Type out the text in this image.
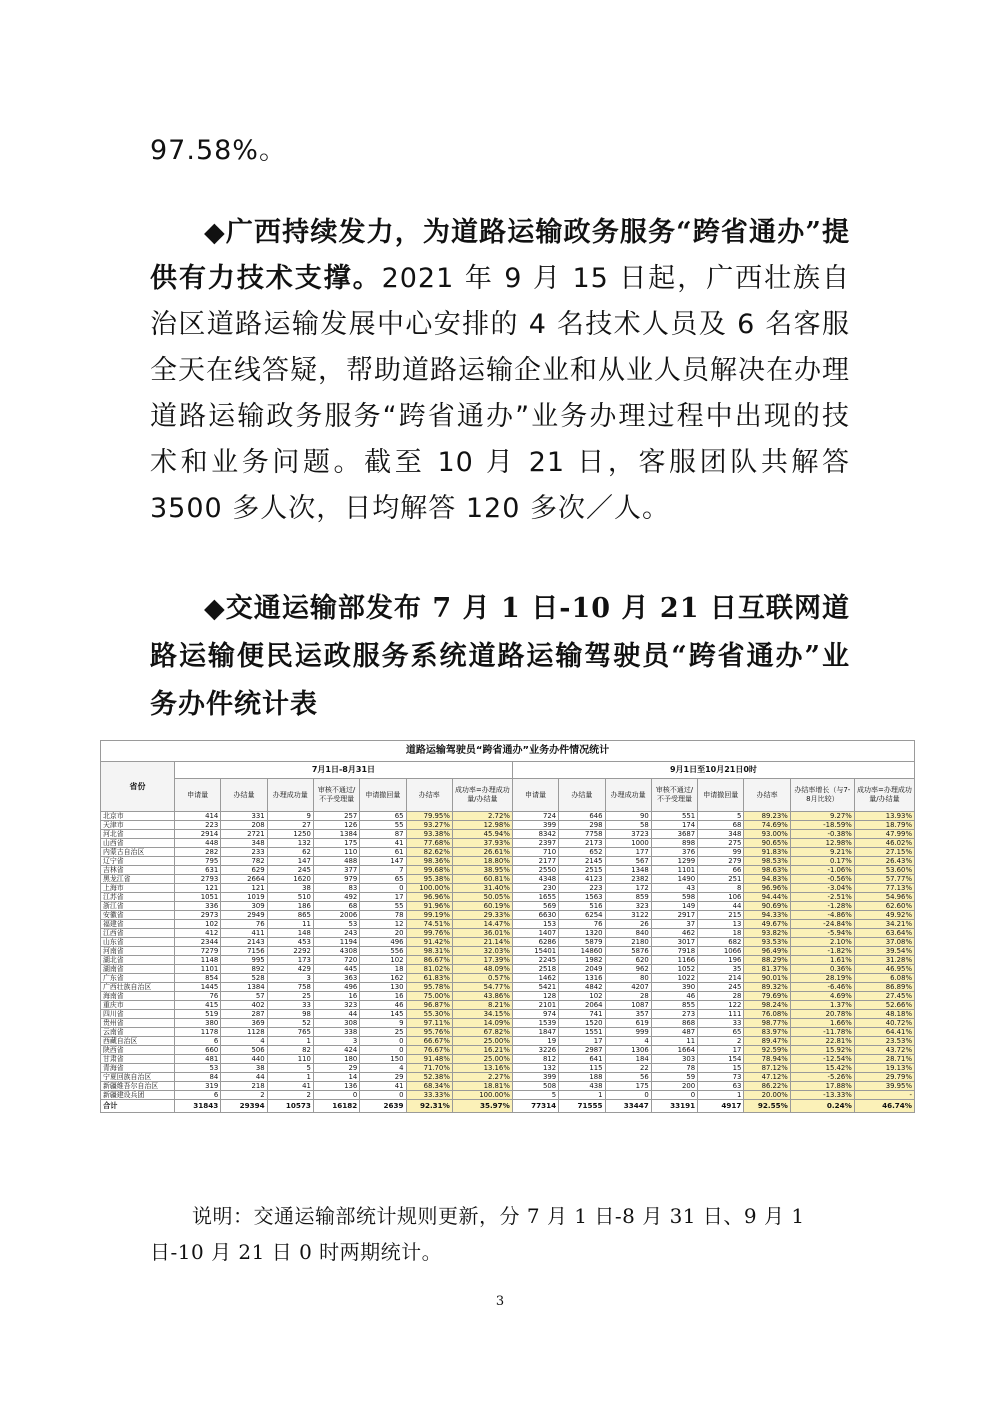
97.58%。

◆广西持续发力，为道路运输政务服务“跨省通办”提供有力技术支撑。2021 年 9 月 15 日起，广西壮族自治区道路运输发展中心安排的 4 名技术人员及 6 名客服全天在线答疑，帮助道路运输企业和从业人员解决在办理道路运输政务服务“跨省通办”业务办理过程中出现的技术和业务问题。截至 10 月 21 日，客服团队共解答 3500 多人次，日均解答 120 多次／人。

◆交通运输部发布 7 月 1 日-10 月 21 日互联网道路运输便民运政服务系统道路运输驾驶员“跨省通办”业务办件统计表

道路运输驾驶员“跨省通办”业务办件情况统计															
省份	7月1日-8月31日							9月1日至10月21日0时							
	申请量	办结量	办理成功量	审核不通过/不予受理量	申请撤回量	办结率	成功率=办理成功量/办结量	申请量	办结量	办理成功量	审核不通过/不予受理量	申请撤回量	办结率	办结率增长（与7-8月比较）	成功率=办理成功量/办结量
北京市	414	331	9	257	65	79.95%	2.72%	724	646	90	551	5	89.23%	9.27%	13.93%
天津市	223	208	27	126	55	93.27%	12.98%	399	298	58	174	68	74.69%	-18.59%	18.79%
河北省	2914	2721	1250	1384	87	93.38%	45.94%	8342	7758	3723	3687	348	93.00%	-0.38%	47.99%
山西省	448	348	132	175	41	77.68%	37.93%	2397	2173	1000	898	275	90.65%	12.98%	46.02%
内蒙古自治区	282	233	62	110	61	82.62%	26.61%	710	652	177	376	99	91.83%	9.21%	27.15%
辽宁省	795	782	147	488	147	98.36%	18.80%	2177	2145	567	1299	279	98.53%	0.17%	26.43%
吉林省	631	629	245	377	7	99.68%	38.95%	2550	2515	1348	1101	66	98.63%	-1.06%	53.60%
黑龙江省	2793	2664	1620	979	65	95.38%	60.81%	4348	4123	2382	1490	251	94.83%	-0.56%	57.77%
上海市	121	121	38	83	0	100.00%	31.40%	230	223	172	43	8	96.96%	-3.04%	77.13%
江苏省	1051	1019	510	492	17	96.96%	50.05%	1655	1563	859	598	106	94.44%	-2.51%	54.96%
浙江省	336	309	186	68	55	91.96%	60.19%	569	516	323	149	44	90.69%	-1.28%	62.60%
安徽省	2973	2949	865	2006	78	99.19%	29.33%	6630	6254	3122	2917	215	94.33%	-4.86%	49.92%
福建省	102	76	11	53	12	74.51%	14.47%	153	76	26	37	13	49.67%	-24.84%	34.21%
江西省	412	411	148	243	20	99.76%	36.01%	1407	1320	840	462	18	93.82%	-5.94%	63.64%
山东省	2344	2143	453	1194	496	91.42%	21.14%	6286	5879	2180	3017	682	93.53%	2.10%	37.08%
河南省	7279	7156	2292	4308	556	98.31%	32.03%	15401	14860	5876	7918	1066	96.49%	-1.82%	39.54%
湖北省	1148	995	173	720	102	86.67%	17.39%	2245	1982	620	1166	196	88.29%	1.61%	31.28%
湖南省	1101	892	429	445	18	81.02%	48.09%	2518	2049	962	1052	35	81.37%	0.36%	46.95%
广东省	854	528	3	363	162	61.83%	0.57%	1462	1316	80	1022	214	90.01%	28.19%	6.08%
广西壮族自治区	1445	1384	758	496	130	95.78%	54.77%	5421	4842	4207	390	245	89.32%	-6.46%	86.89%
海南省	76	57	25	16	16	75.00%	43.86%	128	102	28	46	28	79.69%	4.69%	27.45%
重庆市	415	402	33	323	46	96.87%	8.21%	2101	2064	1087	855	122	98.24%	1.37%	52.66%
四川省	519	287	98	44	145	55.30%	34.15%	974	741	357	273	111	76.08%	20.78%	48.18%
贵州省	380	369	52	308	9	97.11%	14.09%	1539	1520	619	868	33	98.77%	1.66%	40.72%
云南省	1178	1128	765	338	25	95.76%	67.82%	1847	1551	999	487	65	83.97%	-11.78%	64.41%
西藏自治区	6	4	1	3	0	66.67%	25.00%	19	17	4	11	2	89.47%	22.81%	23.53%
陕西省	660	506	82	424	0	76.67%	16.21%	3226	2987	1306	1664	17	92.59%	15.92%	43.72%
甘肃省	481	440	110	180	150	91.48%	25.00%	812	641	184	303	154	78.94%	-12.54%	28.71%
青海省	53	38	5	29	4	71.70%	13.16%	132	115	22	78	15	87.12%	15.42%	19.13%
宁夏回族自治区	84	44	1	14	29	52.38%	2.27%	399	188	56	59	73	47.12%	-5.26%	29.79%
新疆维吾尔自治区	319	218	41	136	41	68.34%	18.81%	508	438	175	200	63	86.22%	17.88%	39.95%
新疆建设兵团	6	2	2	0	0	33.33%	100.00%	5	1	0	0	1	20.00%	-13.33%	-
合计	31843	29394	10573	16182	2639	92.31%	35.97%	77314	71555	33447	33191	4917	92.55%	0.24%	46.74%

说明：交通运输部统计规则更新，分 7 月 1 日-8 月 31 日、9 月 1 日-10 月 21 日 0 时两期统计。

3
